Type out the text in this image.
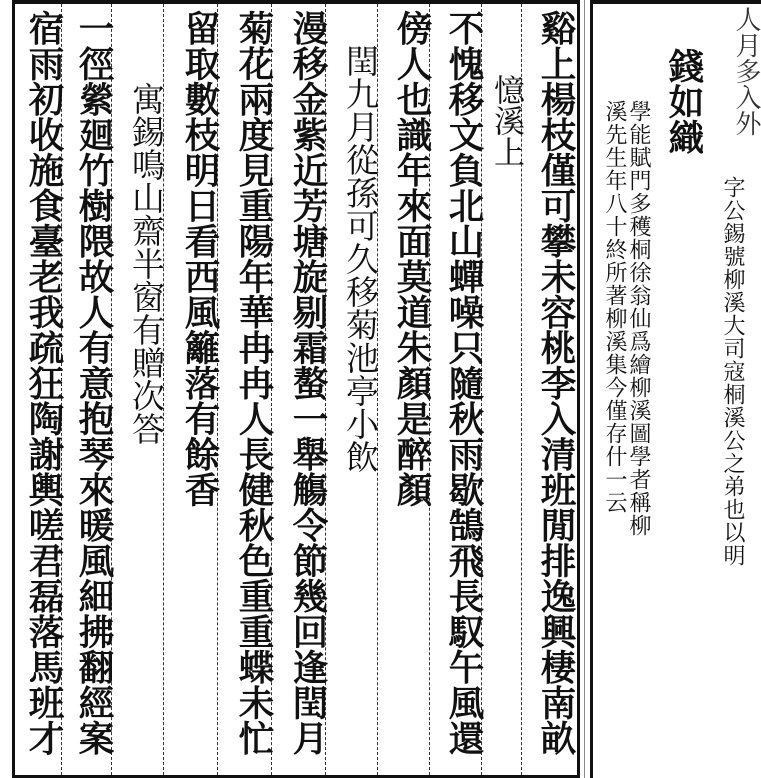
谿上楊枝僅可攀未容桃李入清班閒排逸興棲南畝
憶溪上
不愧移文負北山蟬噪只隨秋雨歇鵠飛長馭午風還
傍人也識年來面莫道朱顏是醉顏
閏九月從孫可久移菊池亭小飲
漫移金紫近芳塘旋剔霜螯一舉觴令節幾回逢閏月
菊花兩度見重陽年華冉冉人長健秋色重重蝶未忙
留取數枝明日看西風籬落有餘香
寓錫鳴山齋半窗有贈次答
一徑縈廻竹樹隈故人有意抱琴來暖風細拂翻經案
宿雨初收施食臺老我疏狂陶謝輿嗟君磊落馬班才	人月多入外
錢如織
字公錫號柳溪大司寇桐溪公之弟也以明
學能賦門多穫桐徐翁仙爲繪柳溪圖學者稱柳
溪先生年八十終所著柳溪集今僅存什一云
